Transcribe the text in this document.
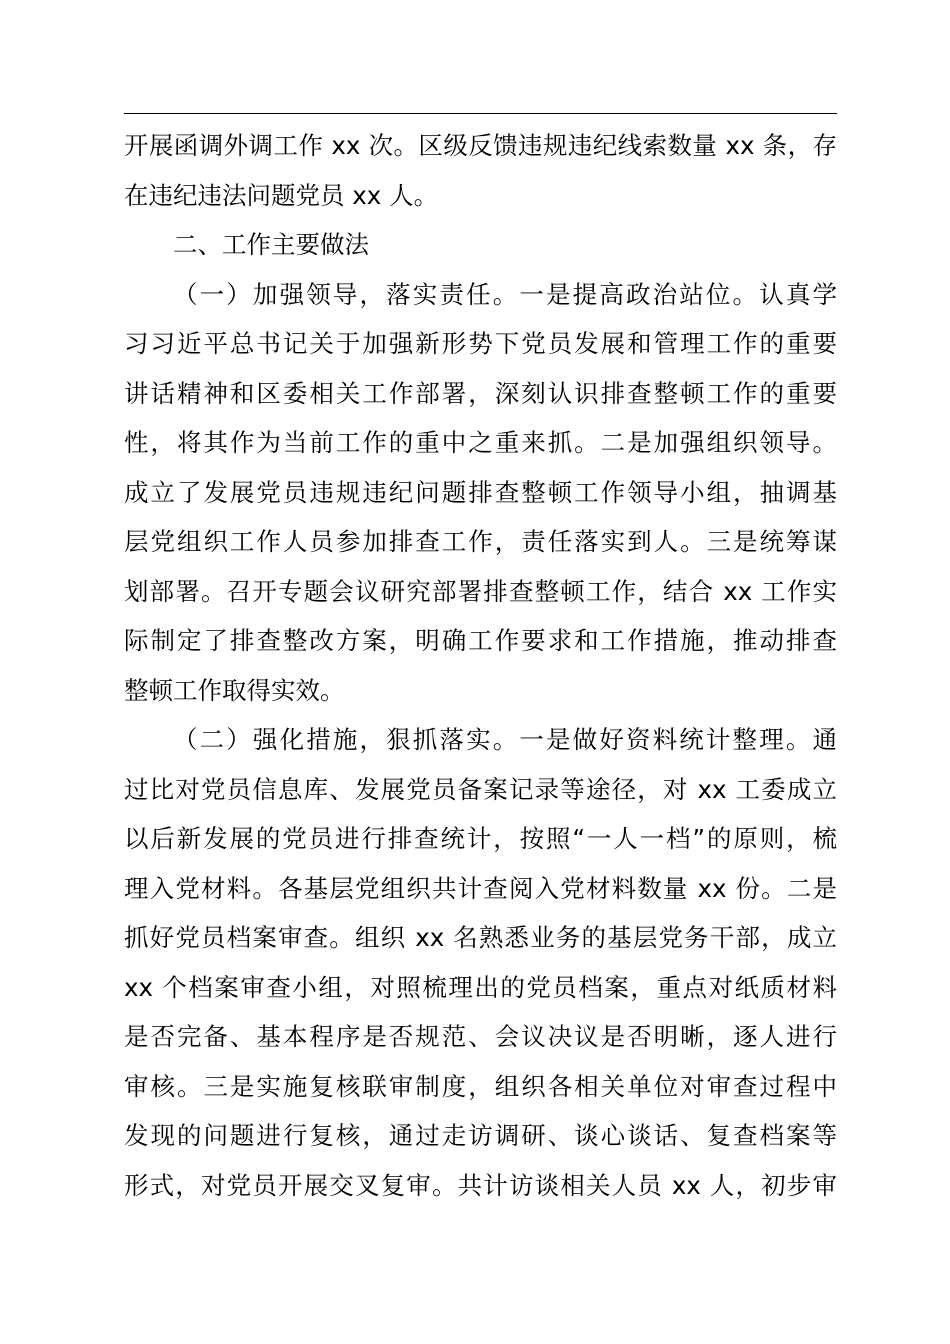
开展函调外调工作 xx 次。区级反馈违规违纪线索数量 xx 条，存
在违纪违法问题党员 xx 人。
二、工作主要做法
（一）加强领导，落实责任。一是提高政治站位。认真学
习习近平总书记关于加强新形势下党员发展和管理工作的重要
讲话精神和区委相关工作部署，深刻认识排查整顿工作的重要
性，将其作为当前工作的重中之重来抓。二是加强组织领导。
成立了发展党员违规违纪问题排查整顿工作领导小组，抽调基
层党组织工作人员参加排查工作，责任落实到人。三是统筹谋
划部署。召开专题会议研究部署排查整顿工作，结合 xx 工作实
际制定了排查整改方案，明确工作要求和工作措施，推动排查
整顿工作取得实效。
（二）强化措施，狠抓落实。一是做好资料统计整理。通
过比对党员信息库、发展党员备案记录等途径，对 xx 工委成立
以后新发展的党员进行排查统计，按照“一人一档”的原则，梳
理入党材料。各基层党组织共计查阅入党材料数量 xx 份。二是
抓好党员档案审查。组织 xx 名熟悉业务的基层党务干部，成立
xx 个档案审查小组，对照梳理出的党员档案，重点对纸质材料
是否完备、基本程序是否规范、会议决议是否明晰，逐人进行
审核。三是实施复核联审制度，组织各相关单位对审查过程中
发现的问题进行复核，通过走访调研、谈心谈话、复查档案等
形式，对党员开展交叉复审。共计访谈相关人员 xx 人，初步审
